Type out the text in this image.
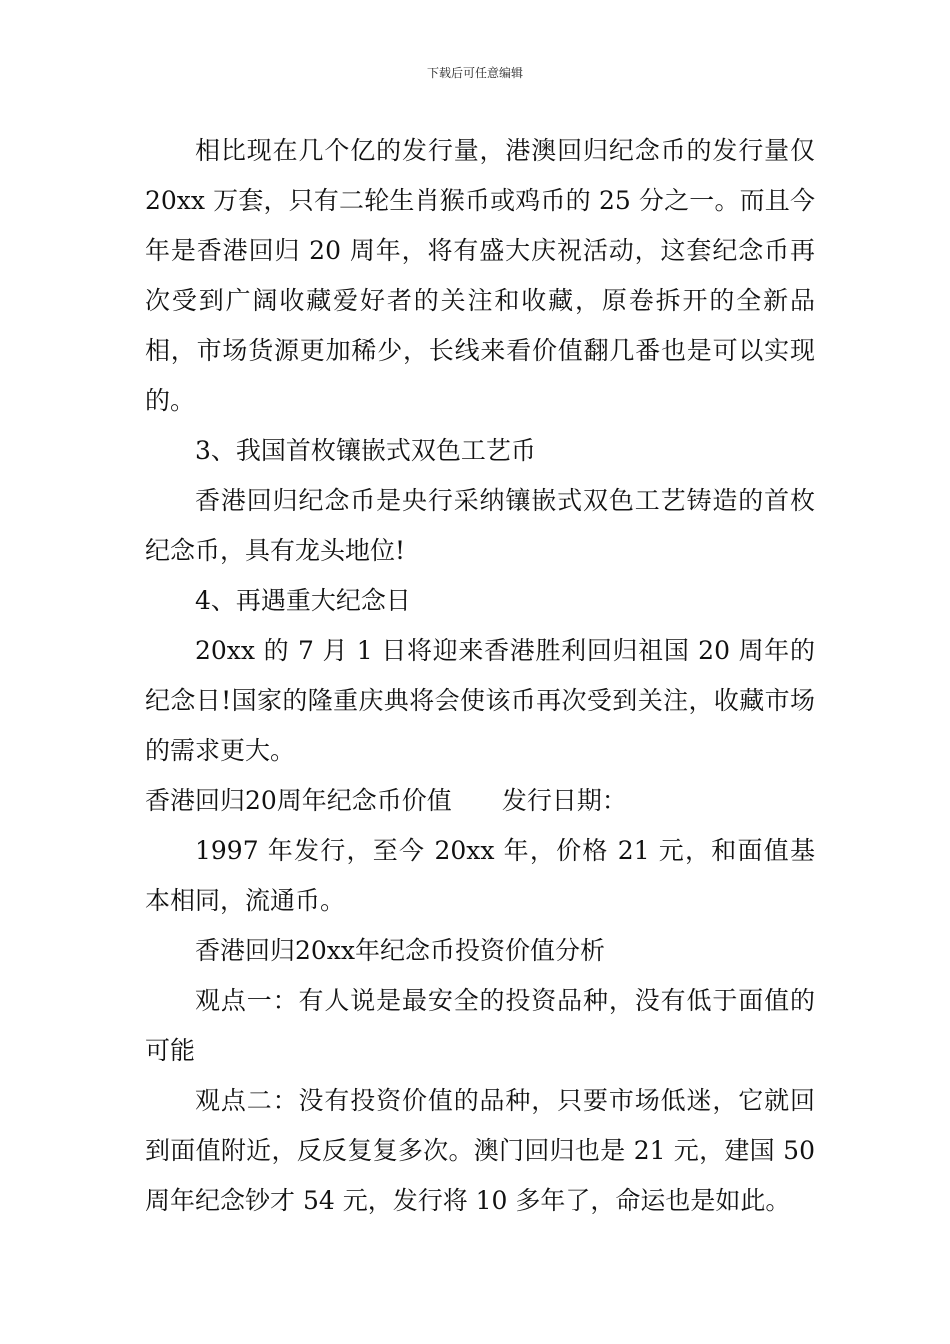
下载后可任意编辑

相比现在几个亿的发行量，港澳回归纪念币的发行量仅 20xx 万套，只有二轮生肖猴币或鸡币的 25 分之一。而且今年是香港回归 20 周年，将有盛大庆祝活动，这套纪念币再次受到广阔收藏爱好者的关注和收藏，原卷拆开的全新品相，市场货源更加稀少，长线来看价值翻几番也是可以实现的。

3、我国首枚镶嵌式双色工艺币

香港回归纪念币是央行采纳镶嵌式双色工艺铸造的首枚纪念币，具有龙头地位!

4、再遇重大纪念日

20xx 的 7 月 1 日将迎来香港胜利回归祖国 20 周年的纪念日!国家的隆重庆典将会使该币再次受到关注，收藏市场的需求更大。

香港回归20周年纪念币价值　　发行日期：

1997 年发行，至今 20xx 年，价格 21 元，和面值基本相同，流通币。

香港回归20xx年纪念币投资价值分析

观点一：有人说是最安全的投资品种，没有低于面值的可能

观点二：没有投资价值的品种，只要市场低迷，它就回到面值附近，反反复复多次。澳门回归也是 21 元，建国 50 周年纪念钞才 54 元，发行将 10 多年了，命运也是如此。
